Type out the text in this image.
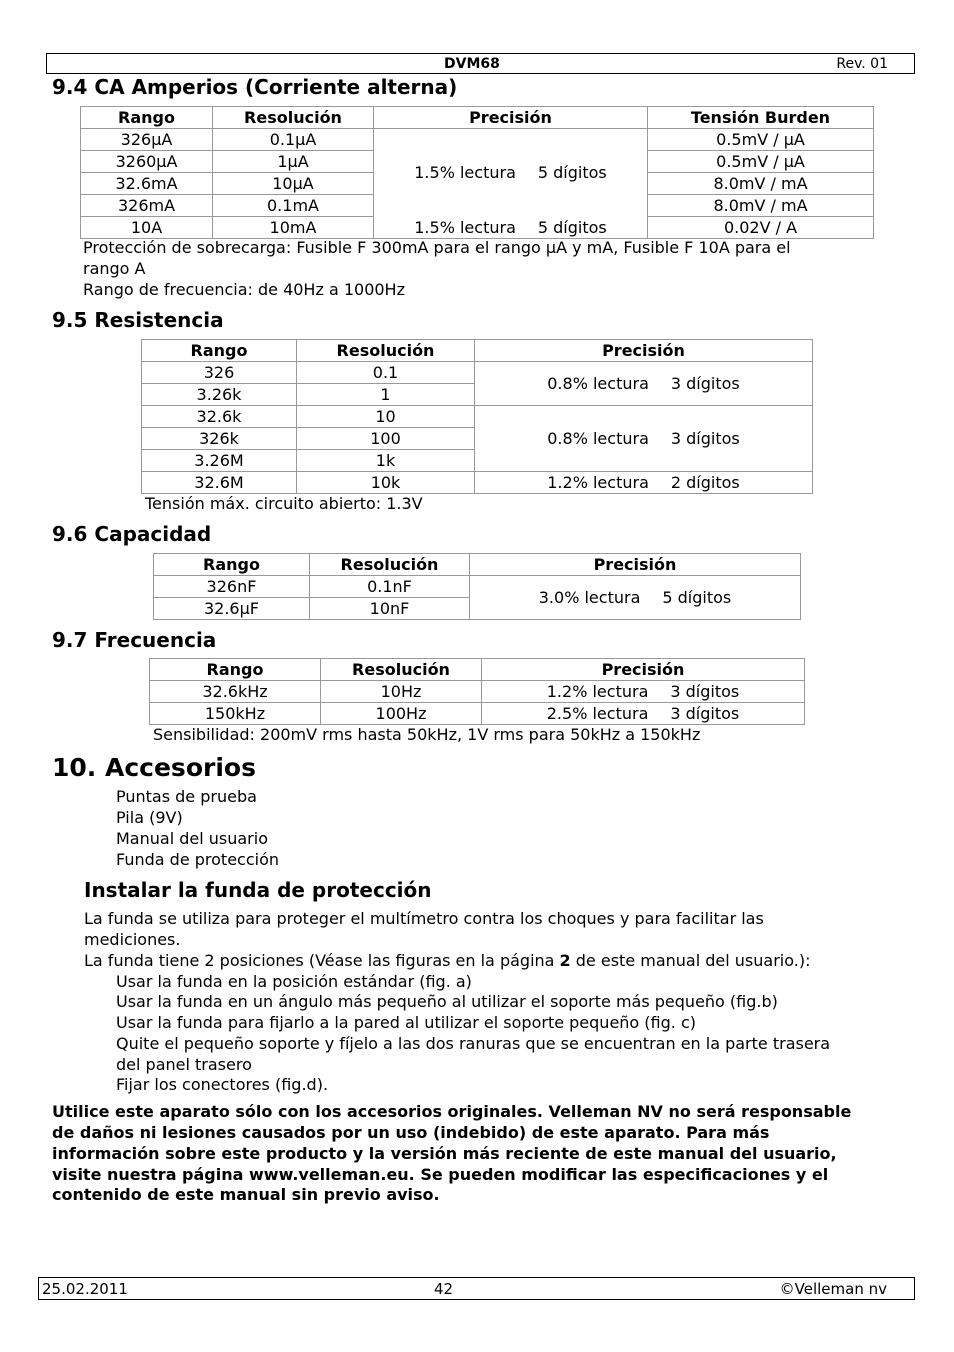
DVM68	Rev. 01
9.4 CA Amperios (Corriente alterna)
Rango	Resolución	Precisión	Tensión Burden
326µA	0.1µA	1.5% lectura 5 dígitos	0.5mV / µA
3260µA	1µA		0.5mV / µA
32.6mA	10µA		8.0mV / mA
326mA	0.1mA		8.0mV / mA
10A	10mA	1.5% lectura 5 dígitos	0.02V / A

Protección de sobrecarga: Fusible F 300mA para el rango µA y mA, Fusible F 10A para el

rango A

Rango de frecuencia: de 40Hz a 1000Hz

9.5 Resistencia
Rango	Resolución	Precisión
326	0.1	0.8% lectura 3 dígitos
3.26k	1	
32.6k	10	0.8% lectura 3 dígitos
326k	100	
3.26M	1k	
32.6M	10k	1.2% lectura 2 dígitos

Tensión máx. circuito abierto: 1.3V

9.6 Capacidad
Rango	Resolución	Precisión
326nF	0.1nF	3.0% lectura 5 dígitos
32.6µF	10nF	
9.7 Frecuencia
Rango	Resolución	Precisión
32.6kHz	10Hz	1.2% lectura 3 dígitos
150kHz	100Hz	2.5% lectura 3 dígitos

Sensibilidad: 200mV rms hasta 50kHz, 1V rms para 50kHz a 150kHz

10. Accesorios

Puntas de prueba

Pila (9V)

Manual del usuario

Funda de protección

Instalar la funda de protección

La funda se utiliza para proteger el multímetro contra los choques y para facilitar las

mediciones.

La funda tiene 2 posiciones (Véase las figuras en la página 2 de este manual del usuario.):

Usar la funda en la posición estándar (fig. a)

Usar la funda en un ángulo más pequeño al utilizar el soporte más pequeño (fig.b)

Usar la funda para fijarlo a la pared al utilizar el soporte pequeño (fig. c)

Quite el pequeño soporte y fíjelo a las dos ranuras que se encuentran en la parte trasera

del panel trasero

Fijar los conectores (fig.d).

Utilice este aparato sólo con los accesorios originales. Velleman NV no será responsable

de daños ni lesiones causados por un uso (indebido) de este aparato. Para más

información sobre este producto y la versión más reciente de este manual del usuario,

visite nuestra página www.velleman.eu. Se pueden modificar las especificaciones y el

contenido de este manual sin previo aviso.

25.02.2011	42	©Velleman nv
